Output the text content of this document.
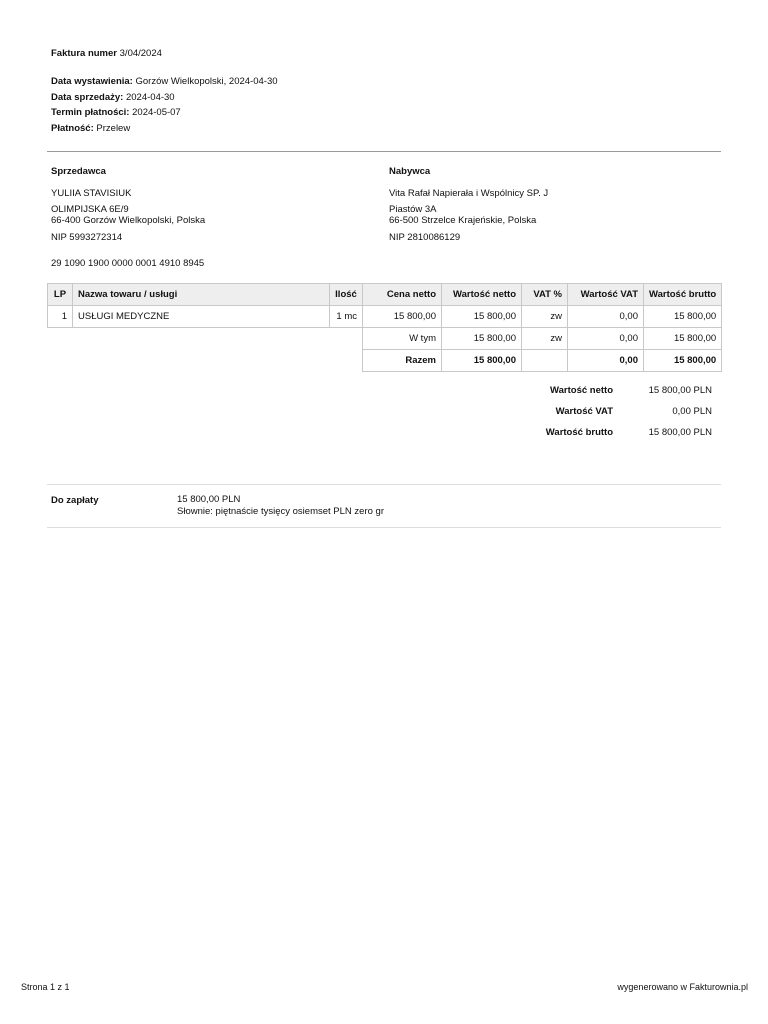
Faktura numer 3/04/2024
Data wystawienia: Gorzów Wielkopolski, 2024-04-30
Data sprzedaży: 2024-04-30
Termin płatności: 2024-05-07
Płatność: Przelew
Sprzedawca
YULIIA STAVISIUK
OLIMPIJSKA 6E/9
66-400 Gorzów Wielkopolski, Polska
NIP 5993272314
29 1090 1900 0000 0001 4910 8945
Nabywca
Vita Rafał Napierała i Wspólnicy SP. J
Piastów 3A
66-500 Strzelce Krajeńskie, Polska
NIP 2810086129
LP	Nazwa towaru / usługi	Ilość	Cena netto	Wartość netto	VAT %	Wartość VAT	Wartość brutto
1	USŁUGI MEDYCZNE	1 mc	15 800,00	15 800,00	zw	0,00	15 800,00
			W tym	15 800,00	zw	0,00	15 800,00
			Razem	15 800,00		0,00	15 800,00
Wartość netto	15 800,00 PLN
Wartość VAT	0,00 PLN
Wartość brutto	15 800,00 PLN
Do zapłaty	15 800,00 PLN
Słownie: piętnaście tysięcy osiemset PLN zero gr
Strona 1 z 1	wygenerowano w Fakturownia.pl
